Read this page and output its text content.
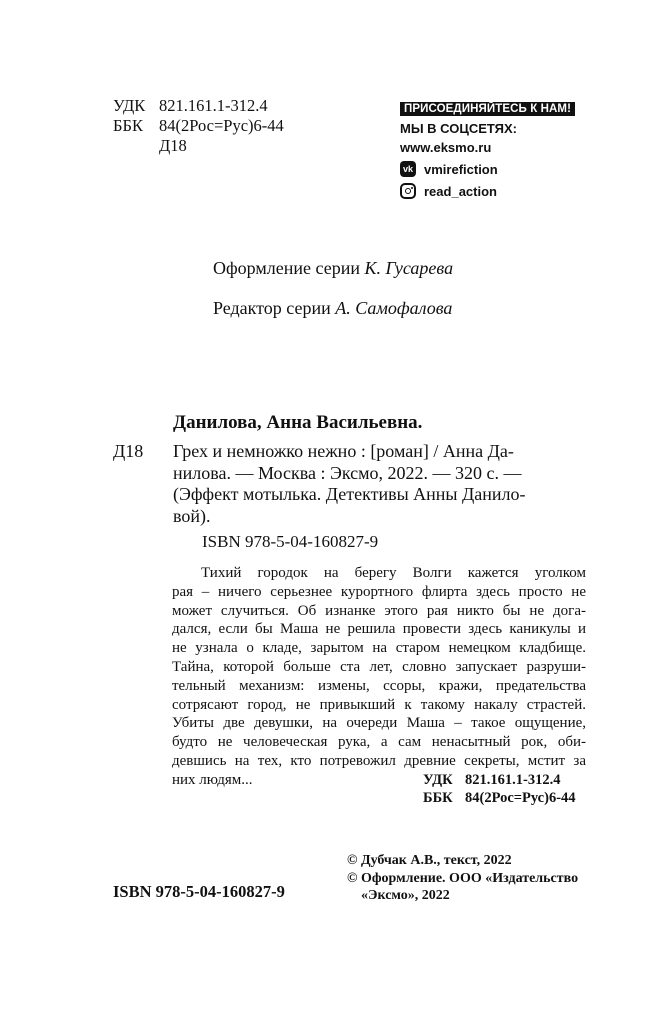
УДК 821.161.1-312.4
ББК 84(2Рос=Рус)6-44
Д18
ПРИСОЕДИНЯЙТЕСЬ К НАМ!
МЫ В СОЦСЕТЯХ:
www.eksmo.ru
vk vmirefiction
read_action
Оформление серии К. Гусарева
Редактор серии А. Самофалова
Данилова, Анна Васильевна.
Д18 Грех и немножко нежно : [роман] / Анна Да-
нилова. — Москва : Эксмо, 2022. — 320 с. —
(Эффект мотылька. Детективы Анны Данило-
вой).
ISBN 978-5-04-160827-9
Тихий городок на берегу Волги кажется уголком
рая – ничего серьезнее курортного флирта здесь просто не
может случиться. Об изнанке этого рая никто бы не дога-
дался, если бы Маша не решила провести здесь каникулы и
не узнала о кладе, зарытом на старом немецком кладбище.
Тайна, которой больше ста лет, словно запускает разруши-
тельный механизм: измены, ссоры, кражи, предательства
сотрясают город, не привыкший к такому накалу страстей.
Убиты две девушки, на очереди Маша – такое ощущение,
будто не человеческая рука, а сам ненасытный рок, оби-
девшись на тех, кто потревожил древние секреты, мстит за
них людям...	УДК 821.161.1-312.4
ББК 84(2Рос=Рус)6-44
© Дубчак А.В., текст, 2022
© Оформление. ООО «Издательство
«Эксмо», 2022
ISBN 978-5-04-160827-9
